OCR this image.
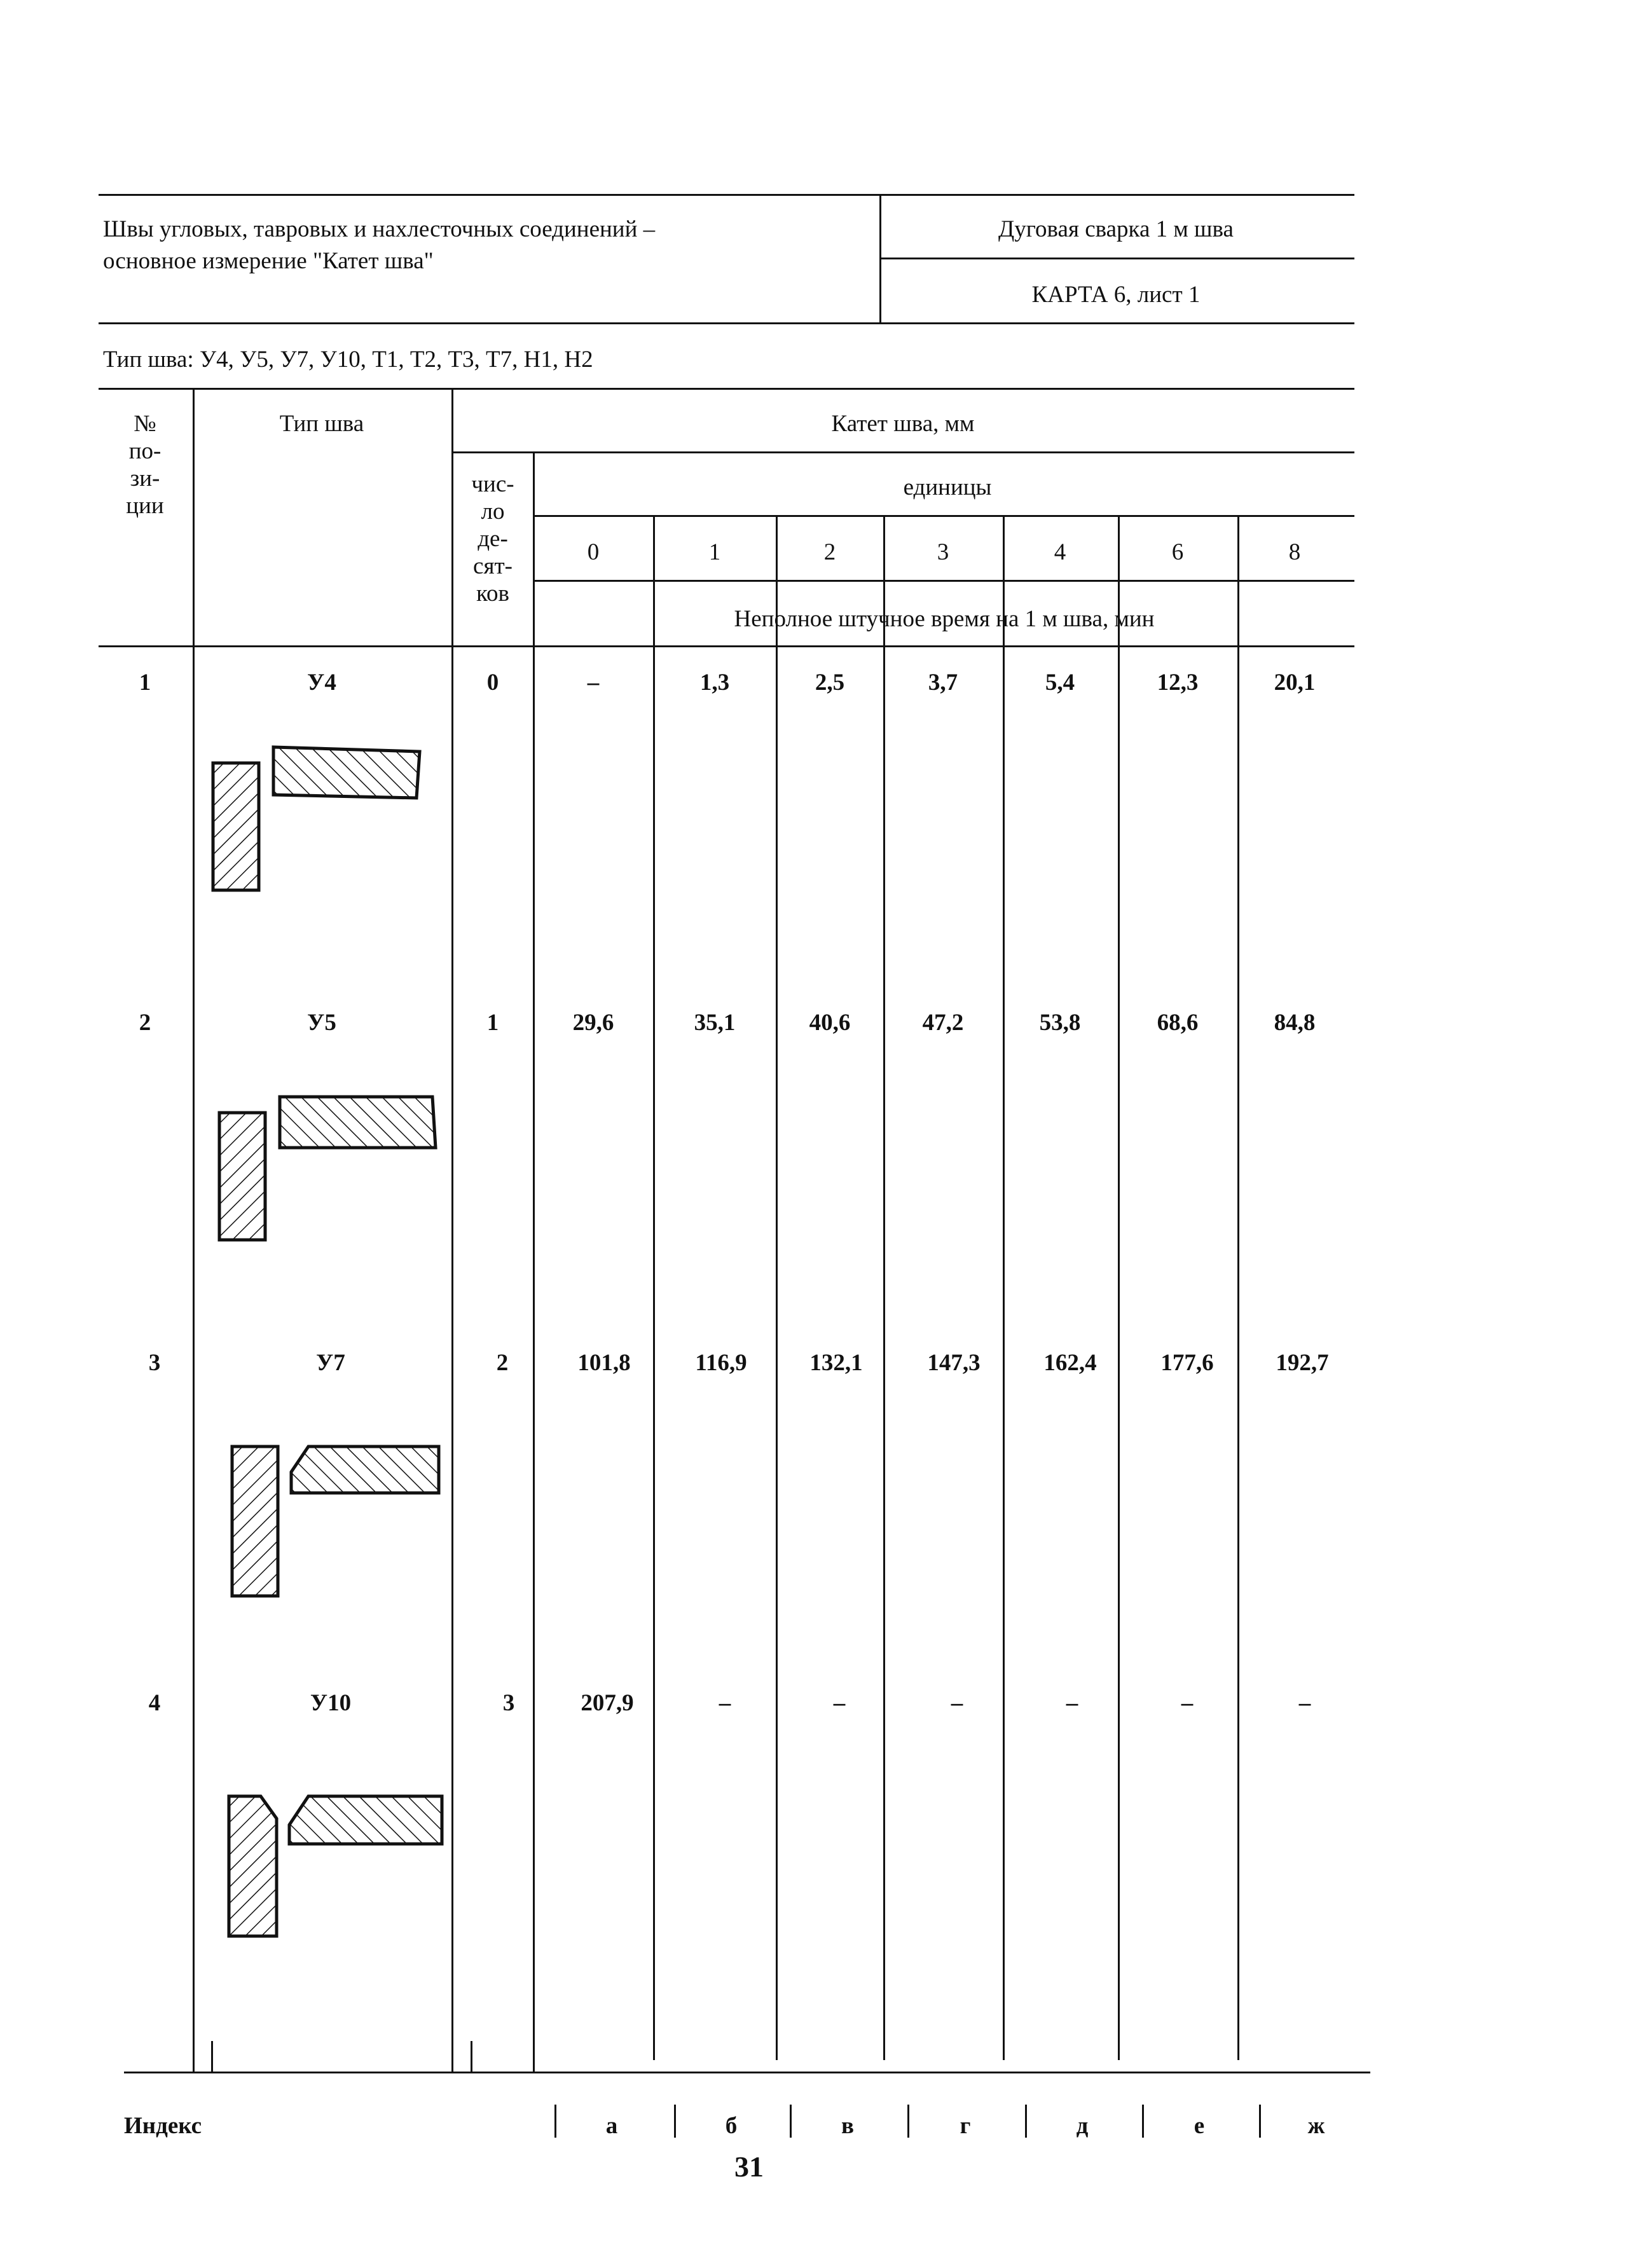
Швы угловых, тавровых и нахлесточных соединений –
основное измерение "Катет шва"
Дуговая сварка 1 м шва
КАРТА 6, лист 1
Тип шва: У4, У5, У7, У10, Т1, Т2, Т3, Т7, Н1, Н2
№
по-
зи-
ции
Тип шва	Катет шва, мм
чис-
ло
де-
сят-
ков
единицы
0	1	2	3	4	6	8
Неполное штучное время на 1 м шва, мин
1	У4	0	–	1,3	2,5	3,7	5,4	12,3	20,1
2	У5	1	29,6	35,1	40,6	47,2	53,8	68,6	84,8
3	У7	2	101,8	116,9	132,1	147,3	162,4	177,6	192,7
4	У10	3	207,9	–	–	–	–	–	–
Индекс	а	б	в	г	д	е	ж
31
